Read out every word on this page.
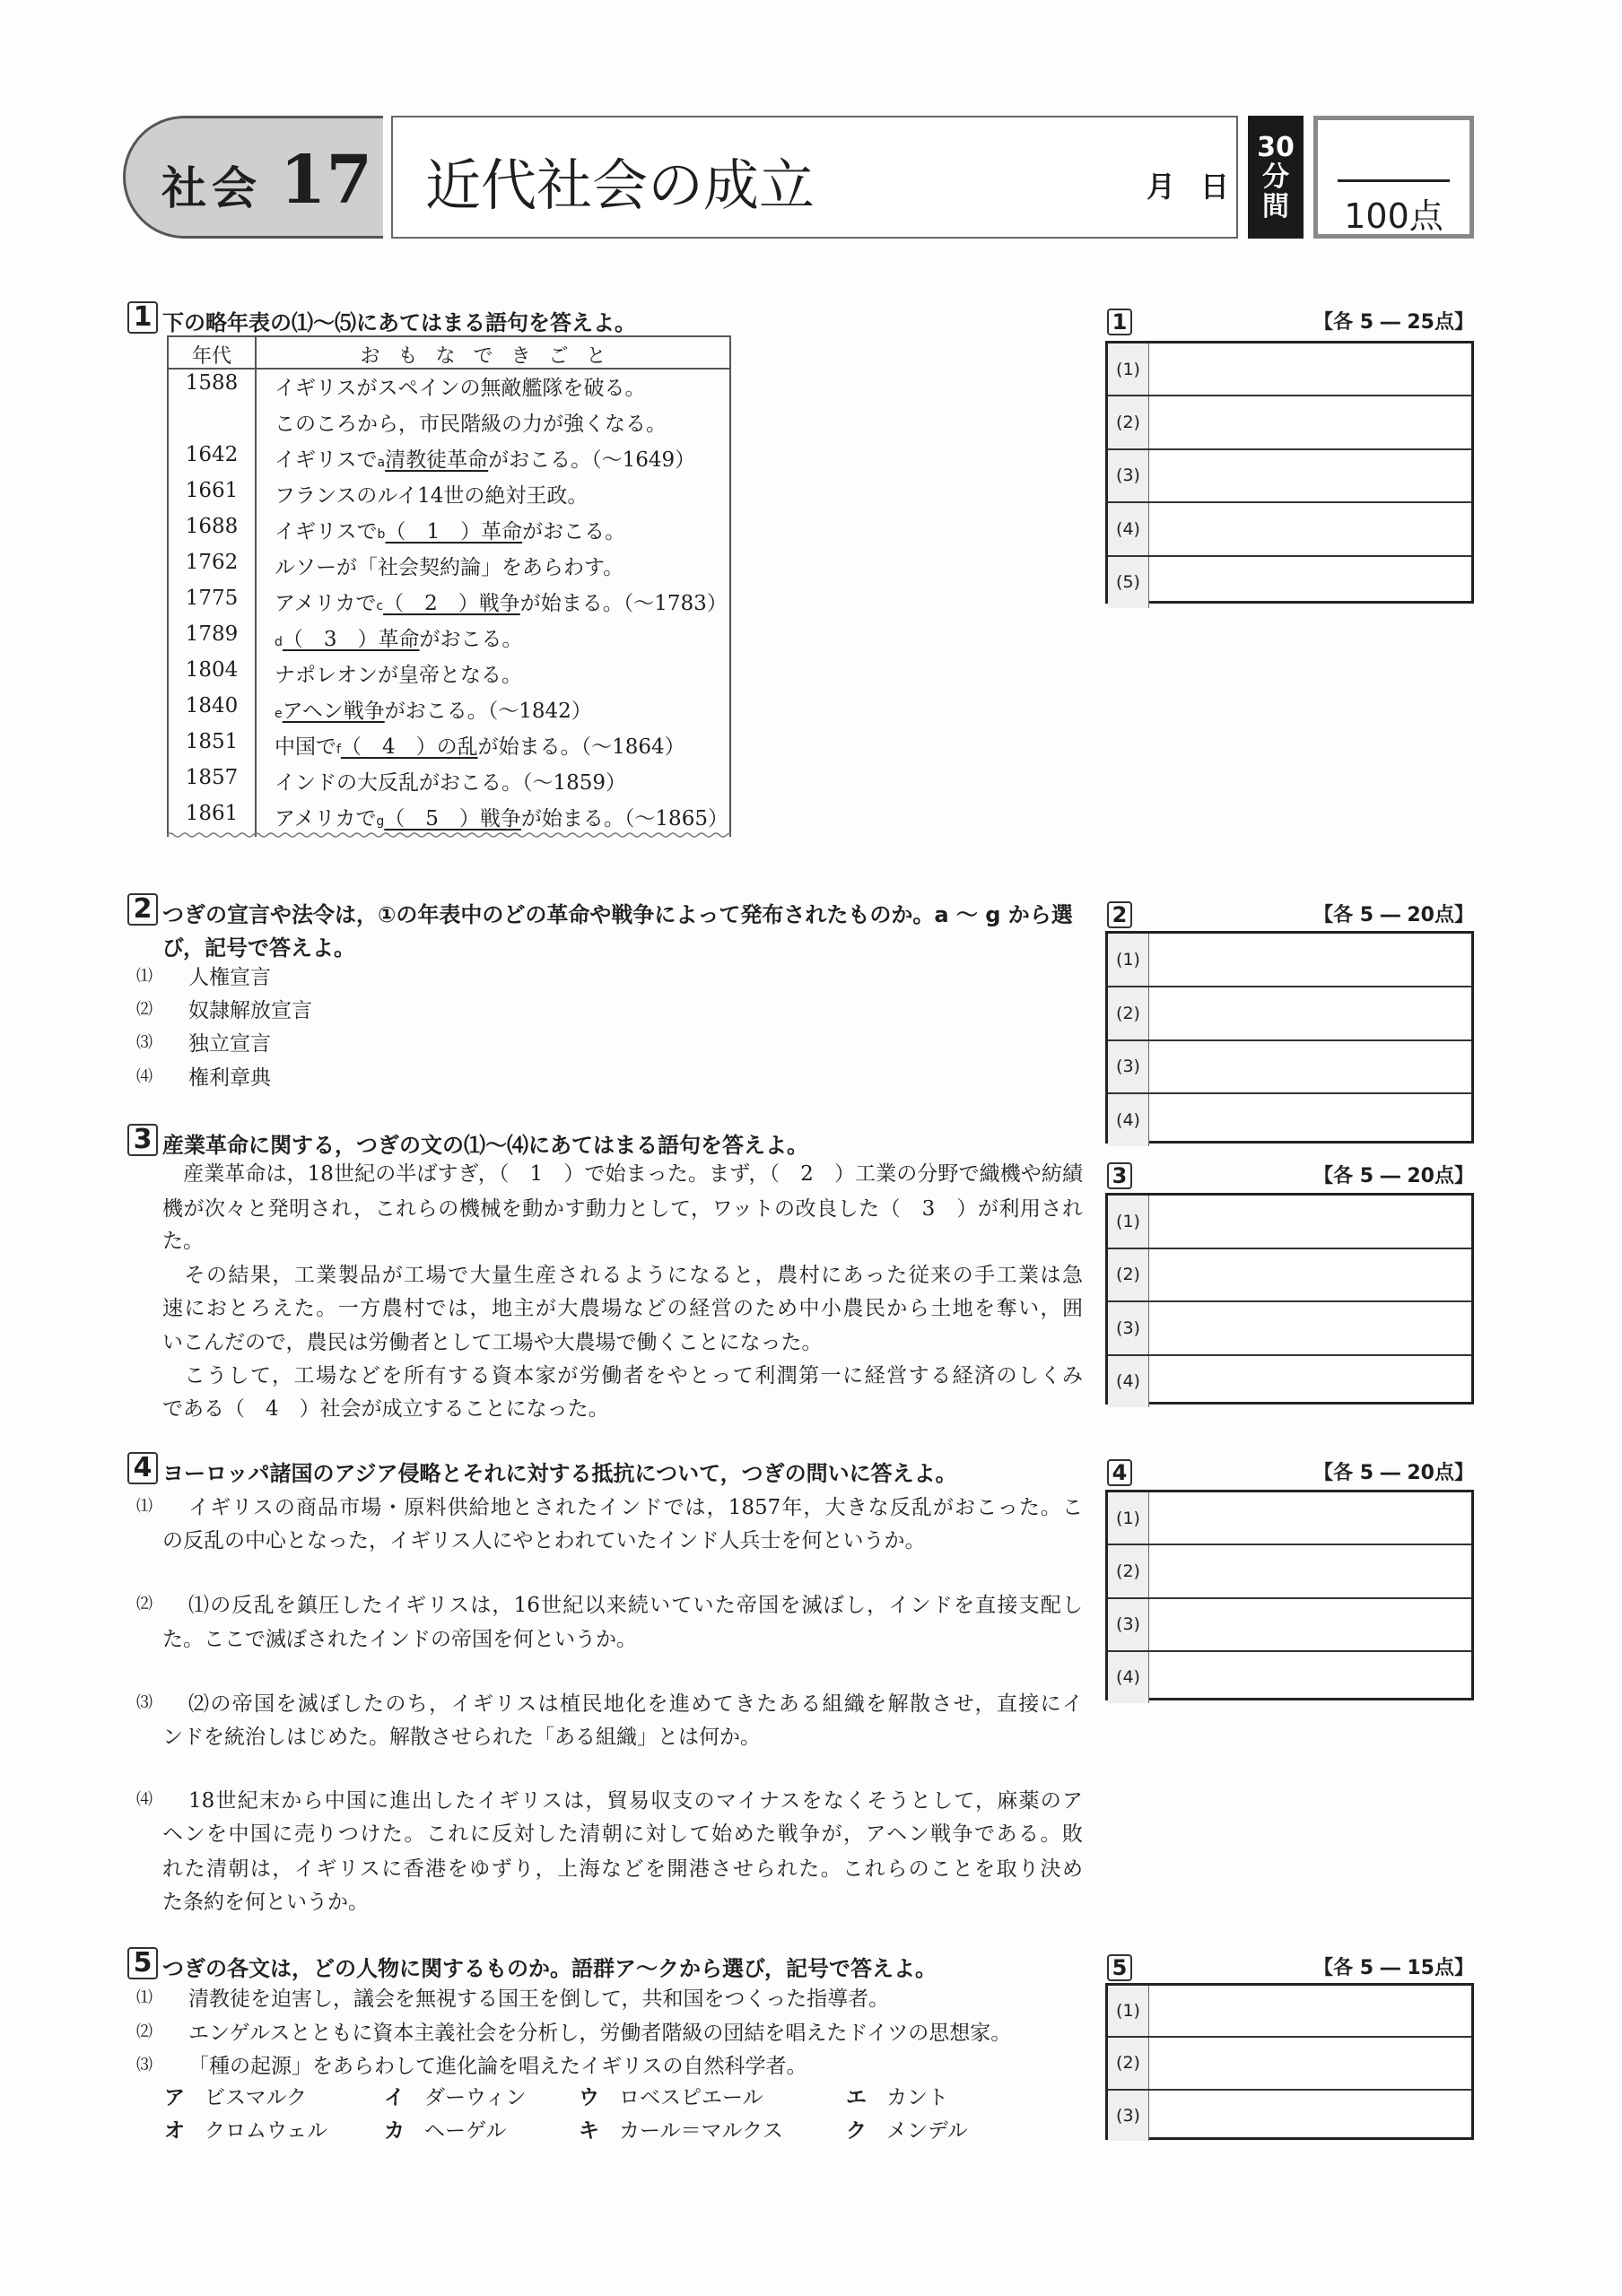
社会 17 近代社会の成立	月 日
30
分
間	100点
1 下の略年表の⑴～⑸にあてはまる語句を答えよ。
年代	おもなできごと
1588	イギリスがスペインの無敵艦隊を破る。
このころから，市民階級の力が強くなる。
1642	イギリスでa清教徒革命がおこる。（～1649）
1661	フランスのルイ14世の絶対王政。
1688	イギリスでb（　1　）革命がおこる。
1762	ルソーが「社会契約論」をあらわす。
1775	アメリカでc（　2　）戦争が始まる。（～1783）
1789	d（　3　）革命がおこる。
1804	ナポレオンが皇帝となる。
1840	eアヘン戦争がおこる。（～1842）
1851	中国でf（　4　）の乱が始まる。（～1864）
1857	インドの大反乱がおこる。（～1859）
1861	アメリカでg（　5　）戦争が始まる。（～1865）
2 つぎの宣言や法令は，①の年表中のどの革命や戦争によって発布されたものか。a ～ g から選
び，記号で答えよ。
⑴ 人権宣言
⑵ 奴隷解放宣言
⑶ 独立宣言
⑷ 権利章典
3 産業革命に関する，つぎの文の⑴～⑷にあてはまる語句を答えよ。
　産業革命は，18世紀の半ばすぎ，（　1　）で始まった。まず，（　2　）工業の分野で織機や紡績
機が次々と発明され，これらの機械を動かす動力として，ワットの改良した（　3　）が利用され
た。
　その結果，工業製品が工場で大量生産されるようになると，農村にあった従来の手工業は急
速におとろえた。一方農村では，地主が大農場などの経営のため中小農民から土地を奪い，囲
いこんだので，農民は労働者として工場や大農場で働くことになった。
　こうして，工場などを所有する資本家が労働者をやとって利潤第一に経営する経済のしくみ
である（　4　）社会が成立することになった。
4 ヨーロッパ諸国のアジア侵略とそれに対する抵抗について，つぎの問いに答えよ。
⑴ イギリスの商品市場・原料供給地とされたインドでは，1857年，大きな反乱がおこった。こ
の反乱の中心となった，イギリス人にやとわれていたインド人兵士を何というか。
⑵ ⑴の反乱を鎮圧したイギリスは，16世紀以来続いていた帝国を滅ぼし，インドを直接支配し
た。ここで滅ぼされたインドの帝国を何というか。
⑶ ⑵の帝国を滅ぼしたのち，イギリスは植民地化を進めてきたある組織を解散させ，直接にイ
ンドを統治しはじめた。解散させられた「ある組織」とは何か。
⑷ 18世紀末から中国に進出したイギリスは，貿易収支のマイナスをなくそうとして，麻薬のア
ヘンを中国に売りつけた。これに反対した清朝に対して始めた戦争が，アヘン戦争である。敗
れた清朝は，イギリスに香港をゆずり，上海などを開港させられた。これらのことを取り決め
た条約を何というか。
5 つぎの各文は，どの人物に関するものか。語群ア～クから選び，記号で答えよ。
⑴ 清教徒を迫害し，議会を無視する国王を倒して，共和国をつくった指導者。
⑵ エンゲルスとともに資本主義社会を分析し，労働者階級の団結を唱えたドイツの思想家。
⑶ 「種の起源」をあらわして進化論を唱えたイギリスの自然科学者。
ア ビスマルク	イ ダーウィン	ウ ロベスピエール	エ カント
オ クロムウェル	カ ヘーゲル	キ カール＝マルクス	ク メンデル
1	【各 5 ― 25点】
(1)
(2)
(3)
(4)
(5)
2	【各 5 ― 20点】
(1)
(2)
(3)
(4)
3	【各 5 ― 20点】
(1)
(2)
(3)
(4)
4	【各 5 ― 20点】
(1)
(2)
(3)
(4)
5	【各 5 ― 15点】
(1)
(2)
(3)
